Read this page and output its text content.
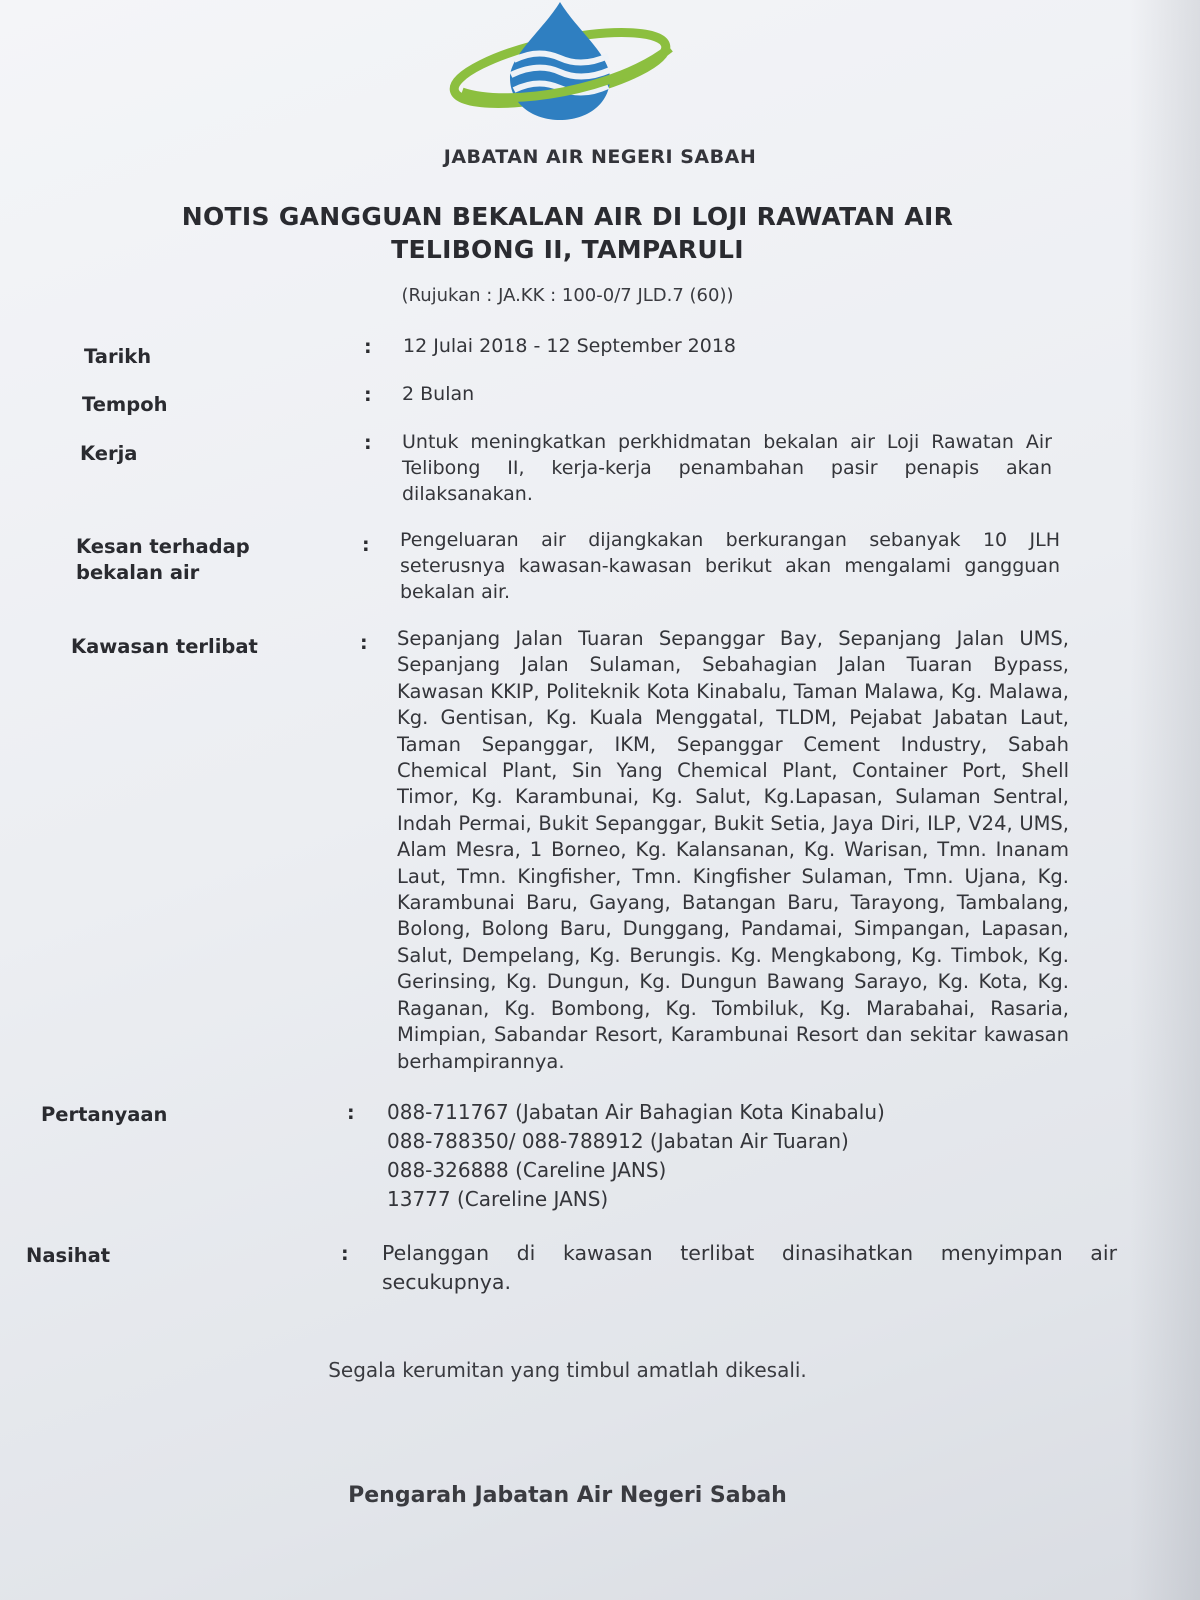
JABATAN AIR NEGERI SABAH
NOTIS GANGGUAN BEKALAN AIR DI LOJI RAWATAN AIR
TELIBONG II, TAMPARULI
(Rujukan : JA.KK : 100-0/7 JLD.7 (60))
Tarikh	: 12 Julai 2018 - 12 September 2018
Tempoh	: 2 Bulan
Kerja	: Untuk meningkatkan perkhidmatan bekalan air Loji Rawatan Air Telibong II, kerja-kerja penambahan pasir penapis akan dilaksanakan.
Kesan terhadap bekalan air
: Pengeluaran air dijangkakan berkurangan sebanyak 10 JLH seterusnya kawasan-kawasan berikut akan mengalami gangguan bekalan air.
Kawasan terlibat	: Sepanjang Jalan Tuaran Sepanggar Bay, Sepanjang Jalan UMS, Sepanjang Jalan Sulaman, Sebahagian Jalan Tuaran Bypass, Kawasan KKIP, Politeknik Kota Kinabalu, Taman Malawa, Kg. Malawa, Kg. Gentisan, Kg. Kuala Menggatal, TLDM, Pejabat Jabatan Laut, Taman Sepanggar, IKM, Sepanggar Cement Industry, Sabah Chemical Plant, Sin Yang Chemical Plant, Container Port, Shell Timor, Kg. Karambunai, Kg. Salut, Kg.Lapasan, Sulaman Sentral, Indah Permai, Bukit Sepanggar, Bukit Setia, Jaya Diri, ILP, V24, UMS, Alam Mesra, 1 Borneo, Kg. Kalansanan, Kg. Warisan, Tmn. Inanam Laut, Tmn. Kingfisher, Tmn. Kingfisher Sulaman, Tmn. Ujana, Kg. Karambunai Baru, Gayang, Batangan Baru, Tarayong, Tambalang, Bolong, Bolong Baru, Dunggang, Pandamai, Simpangan, Lapasan, Salut, Dempelang, Kg. Berungis. Kg. Mengkabong, Kg. Timbok, Kg. Gerinsing, Kg. Dungun, Kg. Dungun Bawang Sarayo, Kg. Kota, Kg. Raganan, Kg. Bombong, Kg. Tombiluk, Kg. Marabahai, Rasaria, Mimpian, Sabandar Resort, Karambunai Resort dan sekitar kawasan berhampirannya.
Pertanyaan	: 088-711767 (Jabatan Air Bahagian Kota Kinabalu)
088-788350/ 088-788912 (Jabatan Air Tuaran)
088-326888 (Careline JANS)
13777 (Careline JANS)
Nasihat	: Pelanggan di kawasan terlibat dinasihatkan menyimpan air secukupnya.
Segala kerumitan yang timbul amatlah dikesali.
Pengarah Jabatan Air Negeri Sabah
